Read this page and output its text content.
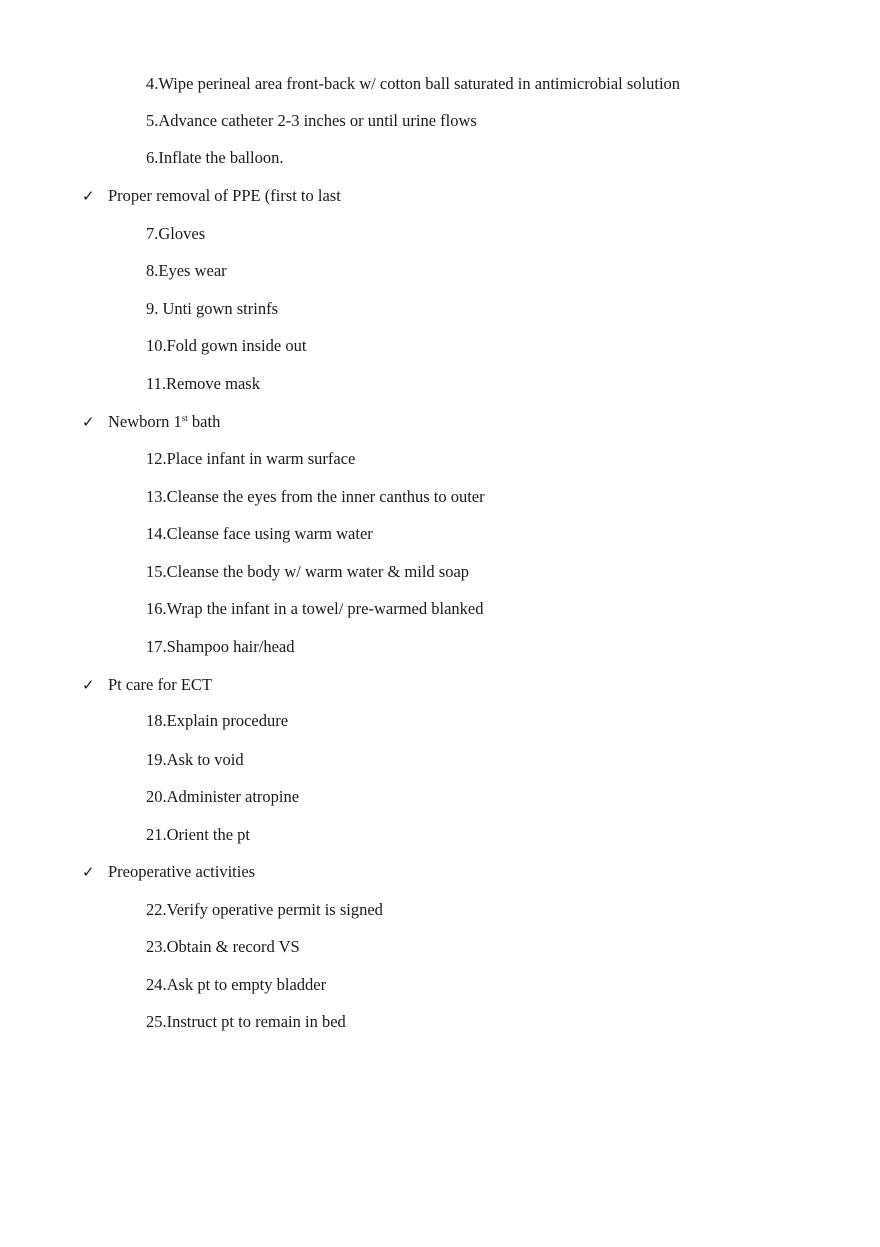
4.Wipe perineal area front-back w/ cotton ball saturated in antimicrobial solution
5.Advance catheter 2-3 inches or until urine flows
6.Inflate the balloon.
✓ Proper removal of PPE (first to last
7.Gloves
8.Eyes wear
9. Unti gown strinfs
10.Fold gown inside out
11.Remove mask
✓ Newborn 1st bath
12.Place infant in warm surface
13.Cleanse the eyes from the inner canthus to outer
14.Cleanse face using warm water
15.Cleanse the body w/ warm water & mild soap
16.Wrap the infant in a towel/ pre-warmed blanked
17.Shampoo hair/head
✓ Pt care for ECT
18.Explain procedure
19.Ask to void
20.Administer atropine
21.Orient the pt
✓ Preoperative activities
22.Verify operative permit is signed
23.Obtain & record VS
24.Ask pt to empty bladder
25.Instruct pt to remain in bed
